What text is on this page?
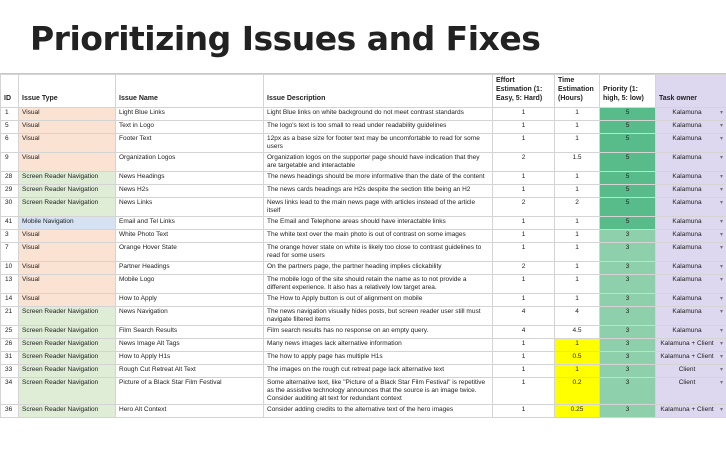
Prioritizing Issues and Fixes
ID	Issue Type	Issue Name	Issue Description	Effort Estimation (1: Easy, 5: Hard)	Time Estimation (Hours)	Priority (1: high, 5: low)	Task owner
1	Visual	Light Blue Links	Light Blue links on white background do not meet contrast standards	1	1	5	Kalamuna ▾

5	Visual	Text in Logo	The logo's text is too small to read under readability guidelines	1	1	5	Kalamuna ▾

6	Visual	Footer Text	12px as a base size for footer text may be uncomfortable to read for some users	1	1	5	Kalamuna ▾

9	Visual	Organization Logos	Organization logos on the supporter page should have indication that they are targetable and interactable	2	1.5	5	Kalamuna ▾

28	Screen Reader Navigation	News Headings	The news headings should be more informative than the date of the content	1	1	5	Kalamuna ▾

29	Screen Reader Navigation	News H2s	The news cards headings are H2s despite the section title being an H2	1	1	5	Kalamuna ▾

30	Screen Reader Navigation	News Links	News links lead to the main news page with articles instead of the article itself	2	2	5	Kalamuna ▾

41	Mobile Navigation	Email and Tel Links	The Email and Telephone areas should have interactable links	1	1	5	Kalamuna ▾

3	Visual	White Photo Text	The white text over the main photo is out of contrast on some images	1	1	3	Kalamuna ▾

7	Visual	Orange Hover State	The orange hover state on white is likely too close to contrast guidelines to read for some users	1	1	3	Kalamuna ▾

10	Visual	Partner Headings	On the partners page, the partner heading implies clickability	2	1	3	Kalamuna ▾

13	Visual	Mobile Logo	The mobile logo of the site should retain the name as to not provide a different experience. It also has a relatively low target area.	1	1	3	Kalamuna ▾

14	Visual	How to Apply	The How to Apply button is out of alignment on mobile	1	1	3	Kalamuna ▾

21	Screen Reader Navigation	News Navigation	The news navigation visually hides posts, but screen reader user still must navigate filtered items	4	4	3	Kalamuna ▾

25	Screen Reader Navigation	Film Search Results	Film search results has no response on an empty query.	4	4.5	3	Kalamuna ▾

26	Screen Reader Navigation	News Image Alt Tags	Many news images lack alternative information	1	1	3	Kalamuna + Client ▾

31	Screen Reader Navigation	How to Apply H1s	The how to apply page has multiple H1s	1	0.5	3	Kalamuna + Client ▾

33	Screen Reader Navigation	Rough Cut Retreat Alt Text	The images on the rough cut retreat page lack alternative text	1	1	3	Client ▾

34	Screen Reader Navigation	Picture of a Black Star Film Festival	Some alternative text, like "Picture of a Black Star Film Festival" is repetitive as the assistive technology announces that the source is an image twice. Consider auditing alt text for redundant context	1	0.2	3	Client ▾

36	Screen Reader Navigation	Hero Alt Context	Consider adding credits to the alternative text of the hero images	1	0.25	3	Kalamuna + Client ▾
